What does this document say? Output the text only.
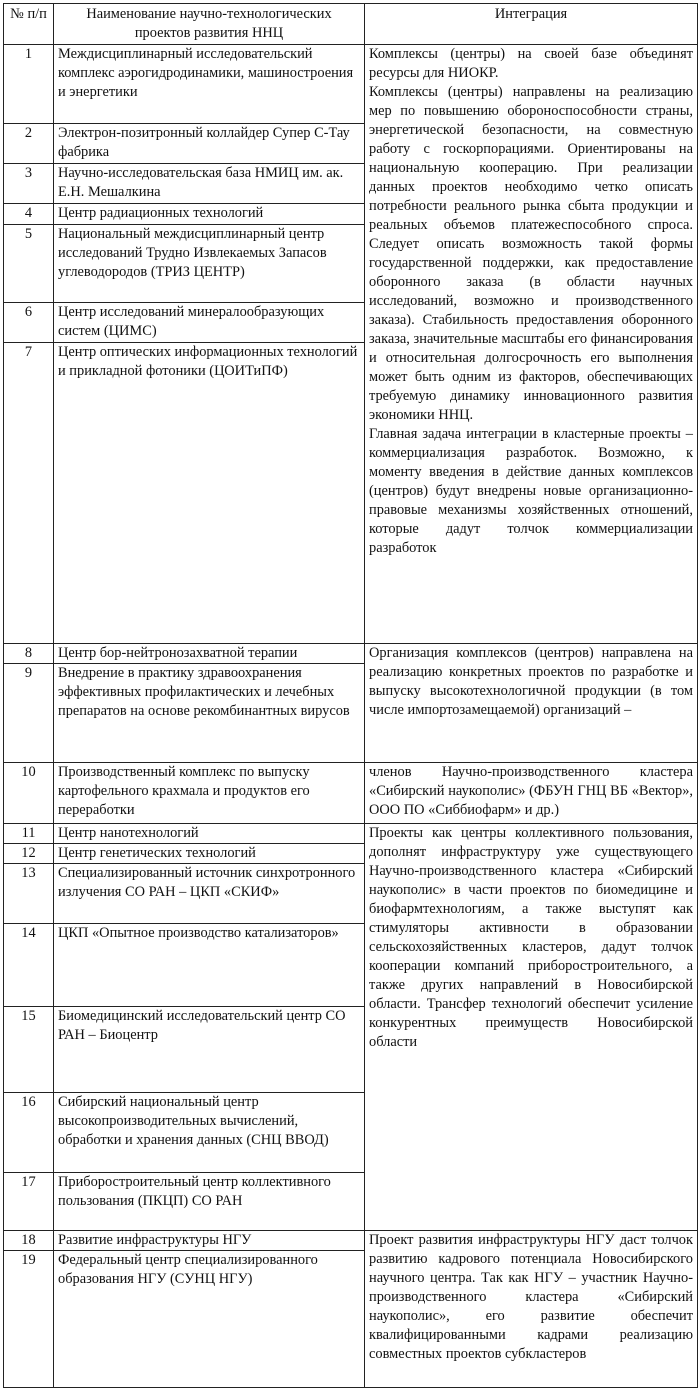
№ п/п	Наименование научно-технологических проектов развития ННЦ	Интеграция
1	Междисциплинарный исследовательский комплекс аэрогидродинамики, машиностроения и энергетики	Комплексы (центры) на своей базе объединят ресурсы для НИОКР.

Комплексы (центры) направлены на реализацию мер по повышению обороноспособности страны, энергетической безопасности, на совместную работу с госкорпорациями. Ориентированы на национальную кооперацию. При реализации данных проектов необходимо четко описать потребности реального рынка сбыта продукции и реальных объемов платежеспособного спроса. Следует описать возможность такой формы государственной поддержки, как предоставление оборонного заказа (в области научных исследований, возможно и производственного заказа). Стабильность предоставления оборонного заказа, значительные масштабы его финансирования и относительная долгосрочность его выполнения может быть одним из факторов, обеспечивающих требуемую динамику инновационного развития экономики ННЦ.

Главная задача интеграции в кластерные проекты – коммерциализация разработок. Возможно, к моменту введения в действие данных комплексов (центров) будут внедрены новые организационно-правовые механизмы хозяйственных отношений, которые дадут толчок коммерциализации разработок

2	Электрон-позитронный коллайдер Супер С-Тау фабрика	
3	Научно-исследовательская база НМИЦ им. ак. Е.Н. Мешалкина	
4	Центр радиационных технологий	
5	Национальный междисциплинарный центр исследований Трудно Извлекаемых Запасов углеводородов (ТРИЗ ЦЕНТР)	
6	Центр исследований минералообразующих систем (ЦИМС)	
7	Центр оптических информационных технологий и прикладной фотоники (ЦОИТиПФ)	
8	Центр бор-нейтронозахватной терапии	Организация комплексов (центров) направлена на реализацию конкретных проектов по разработке и выпуску высокотехнологичной продукции (в том числе импортозамещаемой) организаций –
9	Внедрение в практику здравоохранения эффективных профилактических и лечебных препаратов на основе рекомбинантных вирусов	
10	Производственный комплекс по выпуску картофельного крахмала и продуктов его переработки	членов Научно-производственного кластера «Сибирский наукополис» (ФБУН ГНЦ ВБ «Вектор», ООО ПО «Сиббиофарм» и др.)
11	Центр нанотехнологий	Проекты как центры коллективного пользования, дополнят инфраструктуру уже существующего Научно-производственного кластера «Сибирский наукополис» в части проектов по биомедицине и биофармтехнологиям, а также выступят как стимуляторы активности в образовании сельскохозяйственных кластеров, дадут толчок кооперации компаний приборостроительного, а также других направлений в Новосибирской области. Трансфер технологий обеспечит усиление конкурентных преимуществ Новосибирской области
12	Центр генетических технологий	
13	Специализированный источник синхротронного излучения СО РАН – ЦКП «СКИФ»	
14	ЦКП «Опытное производство катализаторов»	
15	Биомедицинский исследовательский центр СО РАН – Биоцентр	
16	Сибирский национальный центр высокопроизводительных вычислений, обработки и хранения данных (СНЦ ВВОД)	
17	Приборостроительный центр коллективного пользования (ПКЦП) СО РАН	
18	Развитие инфраструктуры НГУ	Проект развития инфраструктуры НГУ даст толчок развитию кадрового потенциала Новосибирского научного центра. Так как НГУ – участник Научно-производственного кластера «Сибирский наукополис», его развитие обеспечит квалифицированными кадрами реализацию совместных проектов субкластеров
19	Федеральный центр специализированного образования НГУ (СУНЦ НГУ)	
